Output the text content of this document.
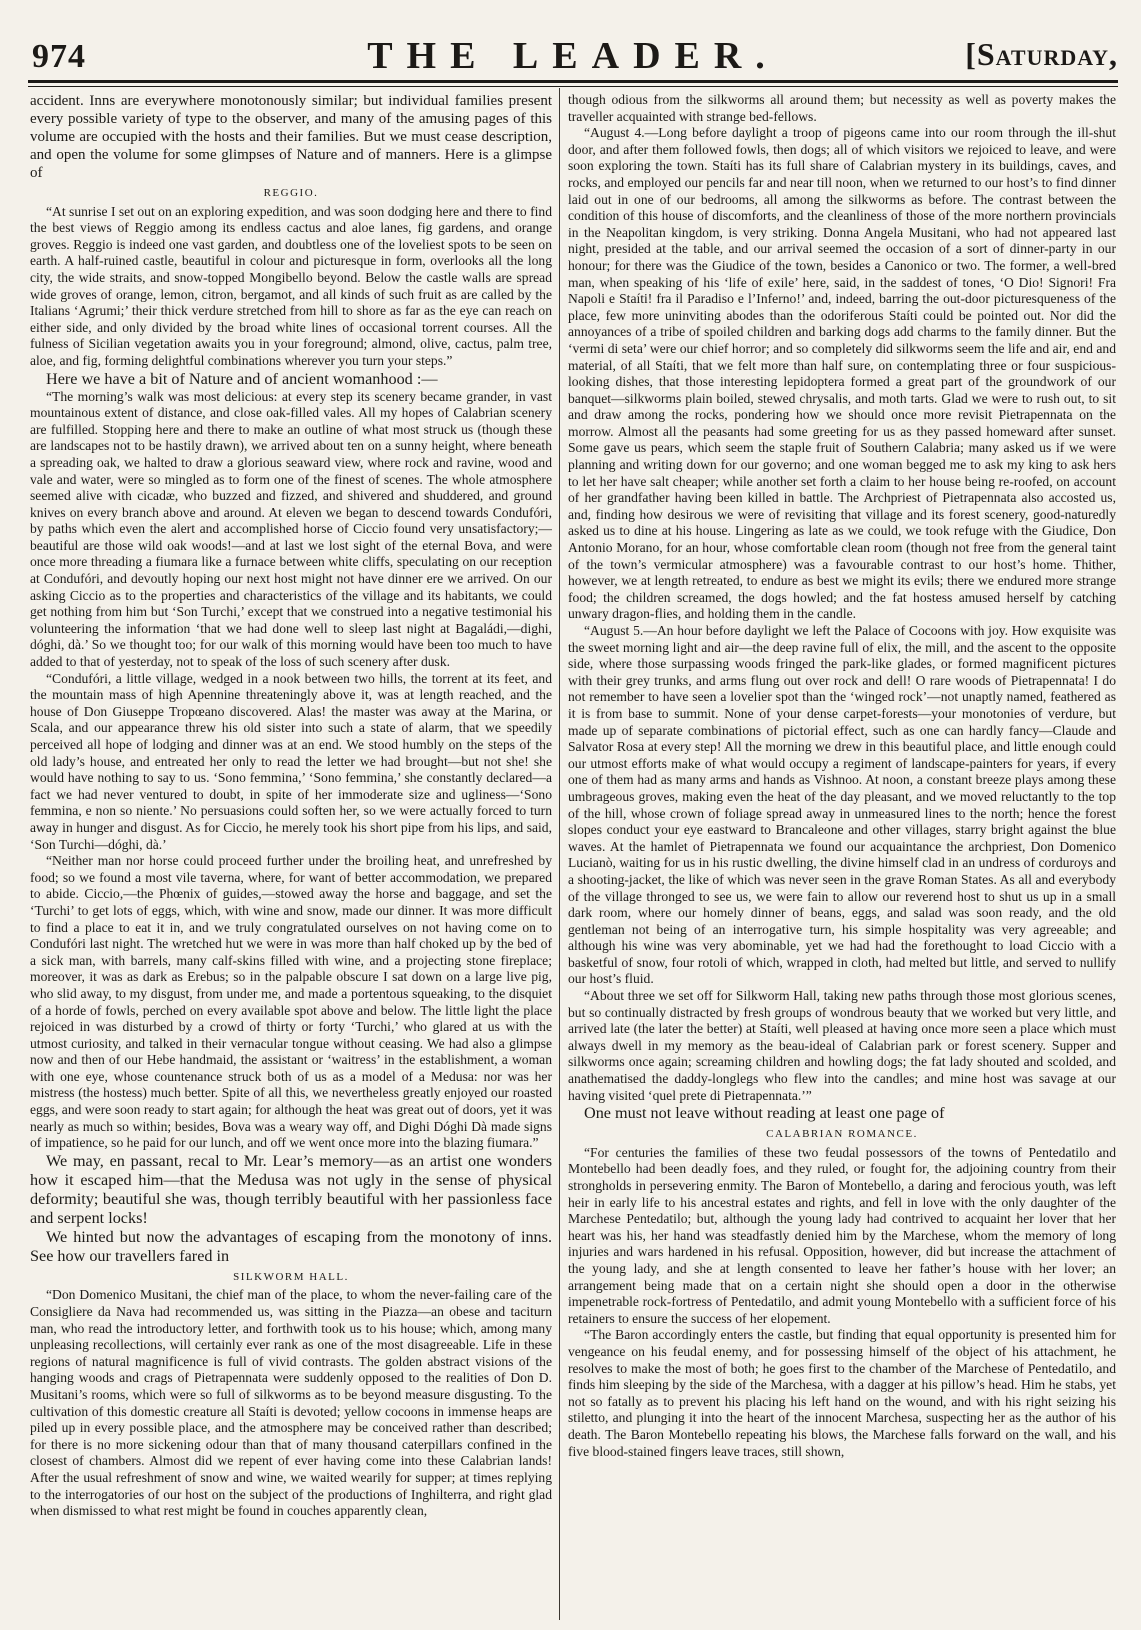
974	THE LEADER.	[Saturday,

accident. Inns are everywhere monotonously similar; but individual families present every possible variety of type to the observer, and many of the amusing pages of this volume are occupied with the hosts and their families. But we must cease description, and open the volume for some glimpses of Nature and of manners. Here is a glimpse of

REGGIO.

“At sunrise I set out on an exploring expedition, and was soon dodging here and there to find the best views of Reggio among its endless cactus and aloe lanes, fig gardens, and orange groves. Reggio is indeed one vast garden, and doubtless one of the loveliest spots to be seen on earth. A half-ruined castle, beautiful in colour and picturesque in form, overlooks all the long city, the wide straits, and snow-topped Mongibello beyond. Below the castle walls are spread wide groves of orange, lemon, citron, bergamot, and all kinds of such fruit as are called by the Italians ‘Agrumi;’ their thick verdure stretched from hill to shore as far as the eye can reach on either side, and only divided by the broad white lines of occasional torrent courses. All the fulness of Sicilian vegetation awaits you in your foreground; almond, olive, cactus, palm tree, aloe, and fig, forming delightful combinations wherever you turn your steps.”

Here we have a bit of Nature and of ancient womanhood :—

“The morning’s walk was most delicious: at every step its scenery became grander, in vast mountainous extent of distance, and close oak-filled vales. All my hopes of Calabrian scenery are fulfilled. Stopping here and there to make an outline of what most struck us (though these are landscapes not to be hastily drawn), we arrived about ten on a sunny height, where beneath a spreading oak, we halted to draw a glorious seaward view, where rock and ravine, wood and vale and water, were so mingled as to form one of the finest of scenes. The whole atmosphere seemed alive with cicadæ, who buzzed and fizzed, and shivered and shuddered, and ground knives on every branch above and around. At eleven we began to descend towards Condufóri, by paths which even the alert and accomplished horse of Ciccio found very unsatisfactory;—beautiful are those wild oak woods!—and at last we lost sight of the eternal Bova, and were once more threading a fiumara like a furnace between white cliffs, speculating on our reception at Condufóri, and devoutly hoping our next host might not have dinner ere we arrived. On our asking Ciccio as to the properties and characteristics of the village and its habitants, we could get nothing from him but ‘Son Turchi,’ except that we construed into a negative testimonial his volunteering the information ‘that we had done well to sleep last night at Bagaládi,—dighi, dóghi, dà.’ So we thought too; for our walk of this morning would have been too much to have added to that of yesterday, not to speak of the loss of such scenery after dusk.

“Condufóri, a little village, wedged in a nook between two hills, the torrent at its feet, and the mountain mass of high Apennine threateningly above it, was at length reached, and the house of Don Giuseppe Tropœano discovered. Alas! the master was away at the Marina, or Scala, and our appearance threw his old sister into such a state of alarm, that we speedily perceived all hope of lodging and dinner was at an end. We stood humbly on the steps of the old lady’s house, and entreated her only to read the letter we had brought—but not she! she would have nothing to say to us. ‘Sono femmina,’ ‘Sono femmina,’ she constantly declared—a fact we had never ventured to doubt, in spite of her immoderate size and ugliness—‘Sono femmina, e non so niente.’ No persuasions could soften her, so we were actually forced to turn away in hunger and disgust. As for Ciccio, he merely took his short pipe from his lips, and said, ‘Son Turchi—dóghi, dà.’

“Neither man nor horse could proceed further under the broiling heat, and unrefreshed by food; so we found a most vile taverna, where, for want of better accommodation, we prepared to abide. Ciccio,—the Phœnix of guides,—stowed away the horse and baggage, and set the ‘Turchi’ to get lots of eggs, which, with wine and snow, made our dinner. It was more difficult to find a place to eat it in, and we truly congratulated ourselves on not having come on to Condufóri last night. The wretched hut we were in was more than half choked up by the bed of a sick man, with barrels, many calf-skins filled with wine, and a projecting stone fireplace; moreover, it was as dark as Erebus; so in the palpable obscure I sat down on a large live pig, who slid away, to my disgust, from under me, and made a portentous squeaking, to the disquiet of a horde of fowls, perched on every available spot above and below. The little light the place rejoiced in was disturbed by a crowd of thirty or forty ‘Turchi,’ who glared at us with the utmost curiosity, and talked in their vernacular tongue without ceasing. We had also a glimpse now and then of our Hebe handmaid, the assistant or ‘waitress’ in the establishment, a woman with one eye, whose countenance struck both of us as a model of a Medusa: nor was her mistress (the hostess) much better. Spite of all this, we nevertheless greatly enjoyed our roasted eggs, and were soon ready to start again; for although the heat was great out of doors, yet it was nearly as much so within; besides, Bova was a weary way off, and Dighi Dóghi Dà made signs of impatience, so he paid for our lunch, and off we went once more into the blazing fiumara.”

We may, en passant, recal to Mr. Lear’s memory—as an artist one wonders how it escaped him—that the Medusa was not ugly in the sense of physical deformity; beautiful she was, though terribly beautiful with her passionless face and serpent locks!

We hinted but now the advantages of escaping from the monotony of inns. See how our travellers fared in

SILKWORM HALL.

“Don Domenico Musitani, the chief man of the place, to whom the never-failing care of the Consigliere da Nava had recommended us, was sitting in the Piazza—an obese and taciturn man, who read the introductory letter, and forthwith took us to his house; which, among many unpleasing recollections, will certainly ever rank as one of the most disagreeable. Life in these regions of natural magnificence is full of vivid contrasts. The golden abstract visions of the hanging woods and crags of Pietrapennata were suddenly opposed to the realities of Don D. Musitani’s rooms, which were so full of silkworms as to be beyond measure disgusting. To the cultivation of this domestic creature all Staíti is devoted; yellow cocoons in immense heaps are piled up in every possible place, and the atmosphere may be conceived rather than described; for there is no more sickening odour than that of many thousand caterpillars confined in the closest of chambers. Almost did we repent of ever having come into these Calabrian lands! After the usual refreshment of snow and wine, we waited wearily for supper; at times replying to the interrogatories of our host on the subject of the productions of Inghilterra, and right glad when dismissed to what rest might be found in couches apparently clean,

though odious from the silkworms all around them; but necessity as well as poverty makes the traveller acquainted with strange bed-fellows.

“August 4.—Long before daylight a troop of pigeons came into our room through the ill-shut door, and after them followed fowls, then dogs; all of which visitors we rejoiced to leave, and were soon exploring the town. Staíti has its full share of Calabrian mystery in its buildings, caves, and rocks, and employed our pencils far and near till noon, when we returned to our host’s to find dinner laid out in one of our bedrooms, all among the silkworms as before. The contrast between the condition of this house of discomforts, and the cleanliness of those of the more northern provincials in the Neapolitan kingdom, is very striking. Donna Angela Musitani, who had not appeared last night, presided at the table, and our arrival seemed the occasion of a sort of dinner-party in our honour; for there was the Giudice of the town, besides a Canonico or two. The former, a well-bred man, when speaking of his ‘life of exile’ here, said, in the saddest of tones, ‘O Dio! Signori! Fra Napoli e Staíti! fra il Paradiso e l’Inferno!’ and, indeed, barring the out-door picturesqueness of the place, few more uninviting abodes than the odoriferous Staíti could be pointed out. Nor did the annoyances of a tribe of spoiled children and barking dogs add charms to the family dinner. But the ‘vermi di seta’ were our chief horror; and so completely did silkworms seem the life and air, end and material, of all Staíti, that we felt more than half sure, on contemplating three or four suspicious-looking dishes, that those interesting lepidoptera formed a great part of the groundwork of our banquet—silkworms plain boiled, stewed chrysalis, and moth tarts. Glad we were to rush out, to sit and draw among the rocks, pondering how we should once more revisit Pietrapennata on the morrow. Almost all the peasants had some greeting for us as they passed homeward after sunset. Some gave us pears, which seem the staple fruit of Southern Calabria; many asked us if we were planning and writing down for our governo; and one woman begged me to ask my king to ask hers to let her have salt cheaper; while another set forth a claim to her house being re-roofed, on account of her grandfather having been killed in battle. The Archpriest of Pietrapennata also accosted us, and, finding how desirous we were of revisiting that village and its forest scenery, good-naturedly asked us to dine at his house. Lingering as late as we could, we took refuge with the Giudice, Don Antonio Morano, for an hour, whose comfortable clean room (though not free from the general taint of the town’s vermicular atmosphere) was a favourable contrast to our host’s home. Thither, however, we at length retreated, to endure as best we might its evils; there we endured more strange food; the children screamed, the dogs howled; and the fat hostess amused herself by catching unwary dragon-flies, and holding them in the candle.

“August 5.—An hour before daylight we left the Palace of Cocoons with joy. How exquisite was the sweet morning light and air—the deep ravine full of elix, the mill, and the ascent to the opposite side, where those surpassing woods fringed the park-like glades, or formed magnificent pictures with their grey trunks, and arms flung out over rock and dell! O rare woods of Pietrapennata! I do not remember to have seen a lovelier spot than the ‘winged rock’—not unaptly named, feathered as it is from base to summit. None of your dense carpet-forests—your monotonies of verdure, but made up of separate combinations of pictorial effect, such as one can hardly fancy—Claude and Salvator Rosa at every step! All the morning we drew in this beautiful place, and little enough could our utmost efforts make of what would occupy a regiment of landscape-painters for years, if every one of them had as many arms and hands as Vishnoo. At noon, a constant breeze plays among these umbrageous groves, making even the heat of the day pleasant, and we moved reluctantly to the top of the hill, whose crown of foliage spread away in unmeasured lines to the north; hence the forest slopes conduct your eye eastward to Brancaleone and other villages, starry bright against the blue waves. At the hamlet of Pietrapennata we found our acquaintance the archpriest, Don Domenico Lucianò, waiting for us in his rustic dwelling, the divine himself clad in an undress of corduroys and a shooting-jacket, the like of which was never seen in the grave Roman States. As all and everybody of the village thronged to see us, we were fain to allow our reverend host to shut us up in a small dark room, where our homely dinner of beans, eggs, and salad was soon ready, and the old gentleman not being of an interrogative turn, his simple hospitality was very agreeable; and although his wine was very abominable, yet we had had the forethought to load Ciccio with a basketful of snow, four rotoli of which, wrapped in cloth, had melted but little, and served to nullify our host’s fluid.

“About three we set off for Silkworm Hall, taking new paths through those most glorious scenes, but so continually distracted by fresh groups of wondrous beauty that we worked but very little, and arrived late (the later the better) at Staíti, well pleased at having once more seen a place which must always dwell in my memory as the beau-ideal of Calabrian park or forest scenery. Supper and silkworms once again; screaming children and howling dogs; the fat lady shouted and scolded, and anathematised the daddy-longlegs who flew into the candles; and mine host was savage at our having visited ‘quel prete di Pietrapennata.’”

One must not leave without reading at least one page of

CALABRIAN ROMANCE.

“For centuries the families of these two feudal possessors of the towns of Pentedatilo and Montebello had been deadly foes, and they ruled, or fought for, the adjoining country from their strongholds in persevering enmity. The Baron of Montebello, a daring and ferocious youth, was left heir in early life to his ancestral estates and rights, and fell in love with the only daughter of the Marchese Pentedatilo; but, although the young lady had contrived to acquaint her lover that her heart was his, her hand was steadfastly denied him by the Marchese, whom the memory of long injuries and wars hardened in his refusal. Opposition, however, did but increase the attachment of the young lady, and she at length consented to leave her father’s house with her lover; an arrangement being made that on a certain night she should open a door in the otherwise impenetrable rock-fortress of Pentedatilo, and admit young Montebello with a sufficient force of his retainers to ensure the success of her elopement.

“The Baron accordingly enters the castle, but finding that equal opportunity is presented him for vengeance on his feudal enemy, and for possessing himself of the object of his attachment, he resolves to make the most of both; he goes first to the chamber of the Marchese of Pentedatilo, and finds him sleeping by the side of the Marchesa, with a dagger at his pillow’s head. Him he stabs, yet not so fatally as to prevent his placing his left hand on the wound, and with his right seizing his stiletto, and plunging it into the heart of the innocent Marchesa, suspecting her as the author of his death. The Baron Montebello repeating his blows, the Marchese falls forward on the wall, and his five blood-stained fingers leave traces, still shown,
